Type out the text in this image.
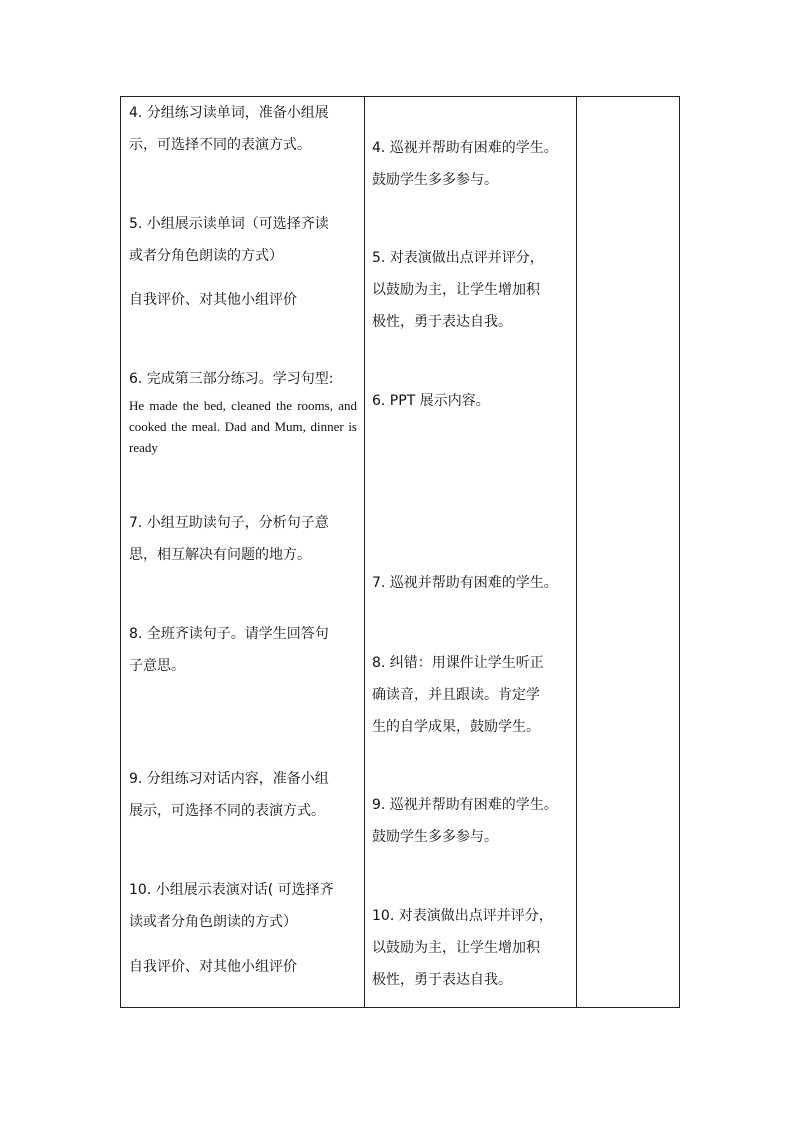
4. 分组练习读单词，准备小组展

示，可选择不同的表演方式。

5. 小组展示读单词（可选择齐读

或者分角色朗读的方式）

自我评价、对其他小组评价

6. 完成第三部分练习。学习句型:

He made the bed, cleaned the rooms, and cooked the meal. Dad and Mum, dinner is ready

7. 小组互助读句子，分析句子意

思，相互解决有问题的地方。

8. 全班齐读句子。请学生回答句

子意思。

9. 分组练习对话内容，准备小组

展示，可选择不同的表演方式。

10. 小组展示表演对话( 可选择齐

读或者分角色朗读的方式）

自我评价、对其他小组评价

4. 巡视并帮助有困难的学生。

鼓励学生多多参与。

5. 对表演做出点评并评分，

以鼓励为主，让学生增加积

极性，勇于表达自我。

6. PPT 展示内容。

7. 巡视并帮助有困难的学生。

8. 纠错：用课件让学生听正

确读音，并且跟读。肯定学

生的自学成果，鼓励学生。

9. 巡视并帮助有困难的学生。

鼓励学生多多参与。

10. 对表演做出点评并评分，

以鼓励为主，让学生增加积

极性，勇于表达自我。
